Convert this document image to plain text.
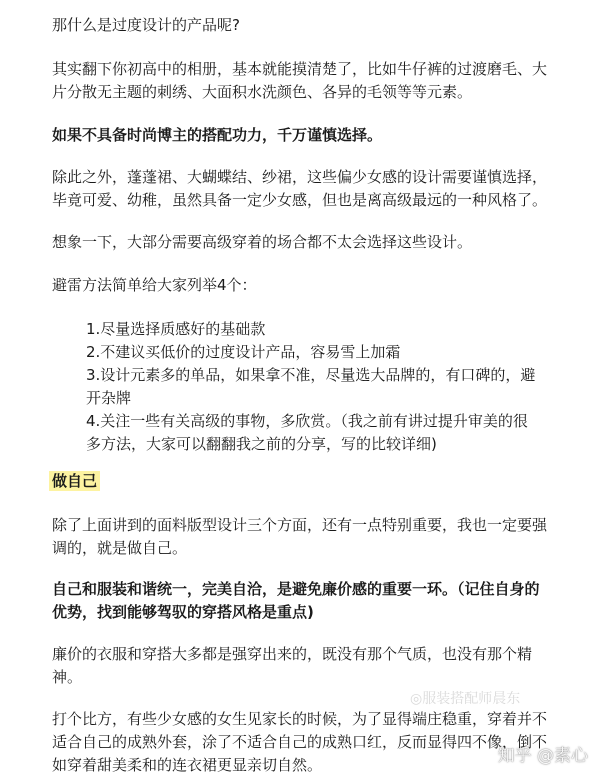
那什么是过度设计的产品呢?

其实翻下你初高中的相册，基本就能摸清楚了，比如牛仔裤的过渡磨毛、大
片分散无主题的刺绣、大面积水洗颜色、各异的毛领等等元素。

如果不具备时尚博主的搭配功力，千万谨慎选择。

除此之外，蓬蓬裙、大蝴蝶结、纱裙，这些偏少女感的设计需要谨慎选择，
毕竟可爱、幼稚，虽然具备一定少女感，但也是离高级最远的一种风格了。

想象一下，大部分需要高级穿着的场合都不太会选择这些设计。

避雷方法简单给大家列举4个：

1.尽量选择质感好的基础款
2.不建议买低价的过度设计产品，容易雪上加霜
3.设计元素多的单品，如果拿不准，尽量选大品牌的，有口碑的，避
开杂牌
4.关注一些有关高级的事物，多欣赏。（我之前有讲过提升审美的很
多方法，大家可以翻翻我之前的分享，写的比较详细)

做自己

除了上面讲到的面料版型设计三个方面，还有一点特别重要，我也一定要强
调的，就是做自己。

自己和服装和谐统一，完美自洽，是避免廉价感的重要一环。（记住自身的
优势，找到能够驾驭的穿搭风格是重点)

廉价的衣服和穿搭大多都是强穿出来的，既没有那个气质，也没有那个精
神。

打个比方，有些少女感的女生见家长的时候，为了显得端庄稳重，穿着并不
适合自己的成熟外套，涂了不适合自己的成熟口红，反而显得四不像，倒不
如穿着甜美柔和的连衣裙更显亲切自然。

◎服装搭配师晨东
知乎 @素心
